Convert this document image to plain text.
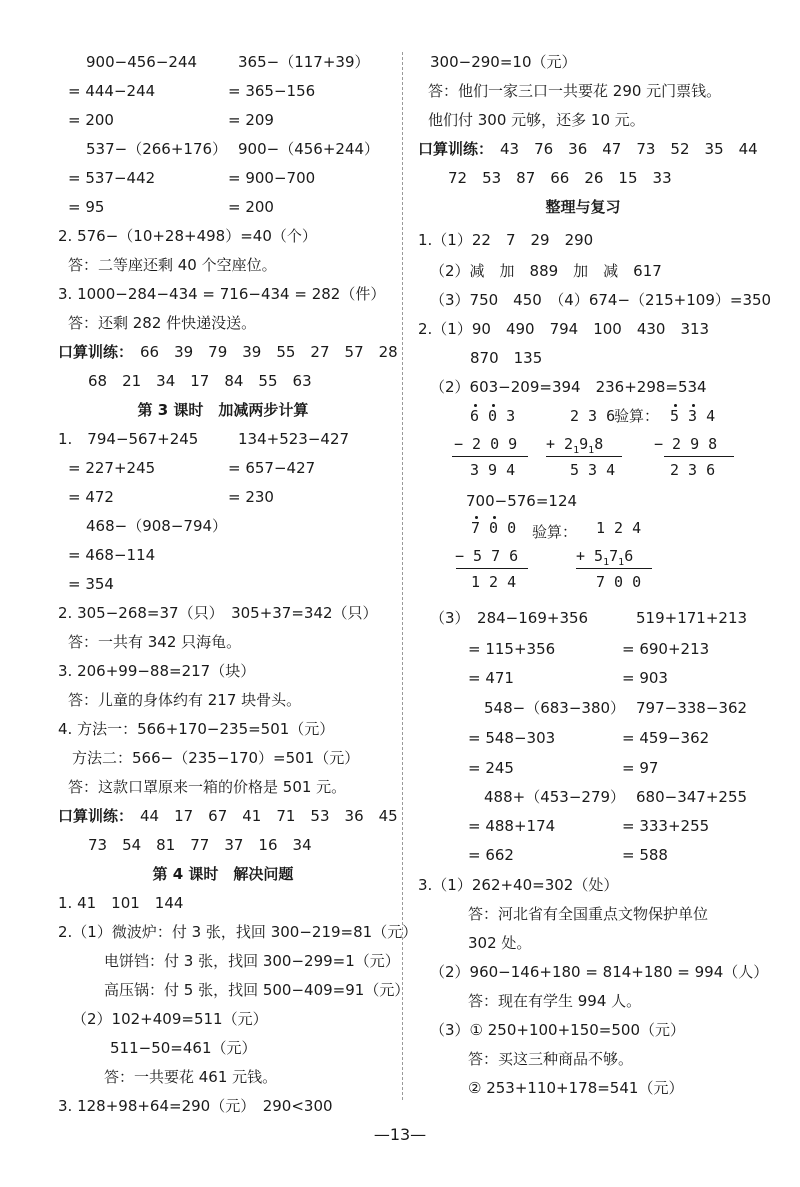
900−456−244	365−（117+39）
= 444−244	= 365−156
= 200	= 209
537−（266+176） 900−（456+244）
= 537−442	= 900−700
= 95	= 200
2. 576−（10+28+498）=40（个）
答：二等座还剩 40 个空座位。
3. 1000−284−434 = 716−434 = 282（件）
答：还剩 282 件快递没送。
口算训练： 66　39　79　39　55　27　57　28
68　21　34　17　84　55　63
第 3 课时　加减两步计算
1.　794−567+245	134+523−427
= 227+245	= 657−427
= 472	= 230
468−（908−794）
= 468−114
= 354
2. 305−268=37（只）　305+37=342（只）
答：一共有 342 只海龟。
3. 206+99−88=217（块）
答：儿童的身体约有 217 块骨头。
4. 方法一：566+170−235=501（元）
方法二：566−（235−170）=501（元）
答：这款口罩原来一箱的价格是 501 元。
口算训练： 44　17　67　41　71　53　36　45
73　54　81　77　37　16　34
第 4 课时　解决问题
1. 41　101　144
2.（1）微波炉：付 3 张，找回 300−219=81（元）
电饼铛：付 3 张，找回 300−299=1（元）
高压锅：付 5 张，找回 500−409=91（元）
（2）102+409=511（元）
511−50=461（元）
答：一共要花 461 元钱。
3. 128+98+64=290（元）　290<300
300−290=10（元）
答：他们一家三口一共要花 290 元门票钱。
他们付 300 元够，还多 10 元。
口算训练： 43　76　36　47　73　52　35　44
72　53　87　66　26　15　33
整理与复习
1.（1）22　7　29　290
（2）减　加　889　加　减　617
（3）750　450　（4）674−（215+109）=350
2.（1）90　490　794　100　430　313
870　135
（2）603−209=394　236+298=534
6 0 3
− 2 0 9
3 9 4
2 3 6
+ $2_19_18$
5 3 4
验算： 5 3 4
− 2 9 8
2 3 6
700−576=124
7 0 0
− 5 7 6
1 2 4
验算： 1 2 4
+ $5_17_16$
7 0 0
（3）　284−169+356	519+171+213
= 115+356	= 690+213
= 471	= 903
548−（683−380） 797−338−362
= 548−303	= 459−362
= 245	= 97
488+（453−279） 680−347+255
= 488+174	= 333+255
= 662	= 588
3.（1）262+40=302（处）
答：河北省有全国重点文物保护单位
302 处。
（2）960−146+180 = 814+180 = 994（人）
答：现在有学生 994 人。
（3）① 250+100+150=500（元）
答：买这三种商品不够。
② 253+110+178=541（元）
—13—
